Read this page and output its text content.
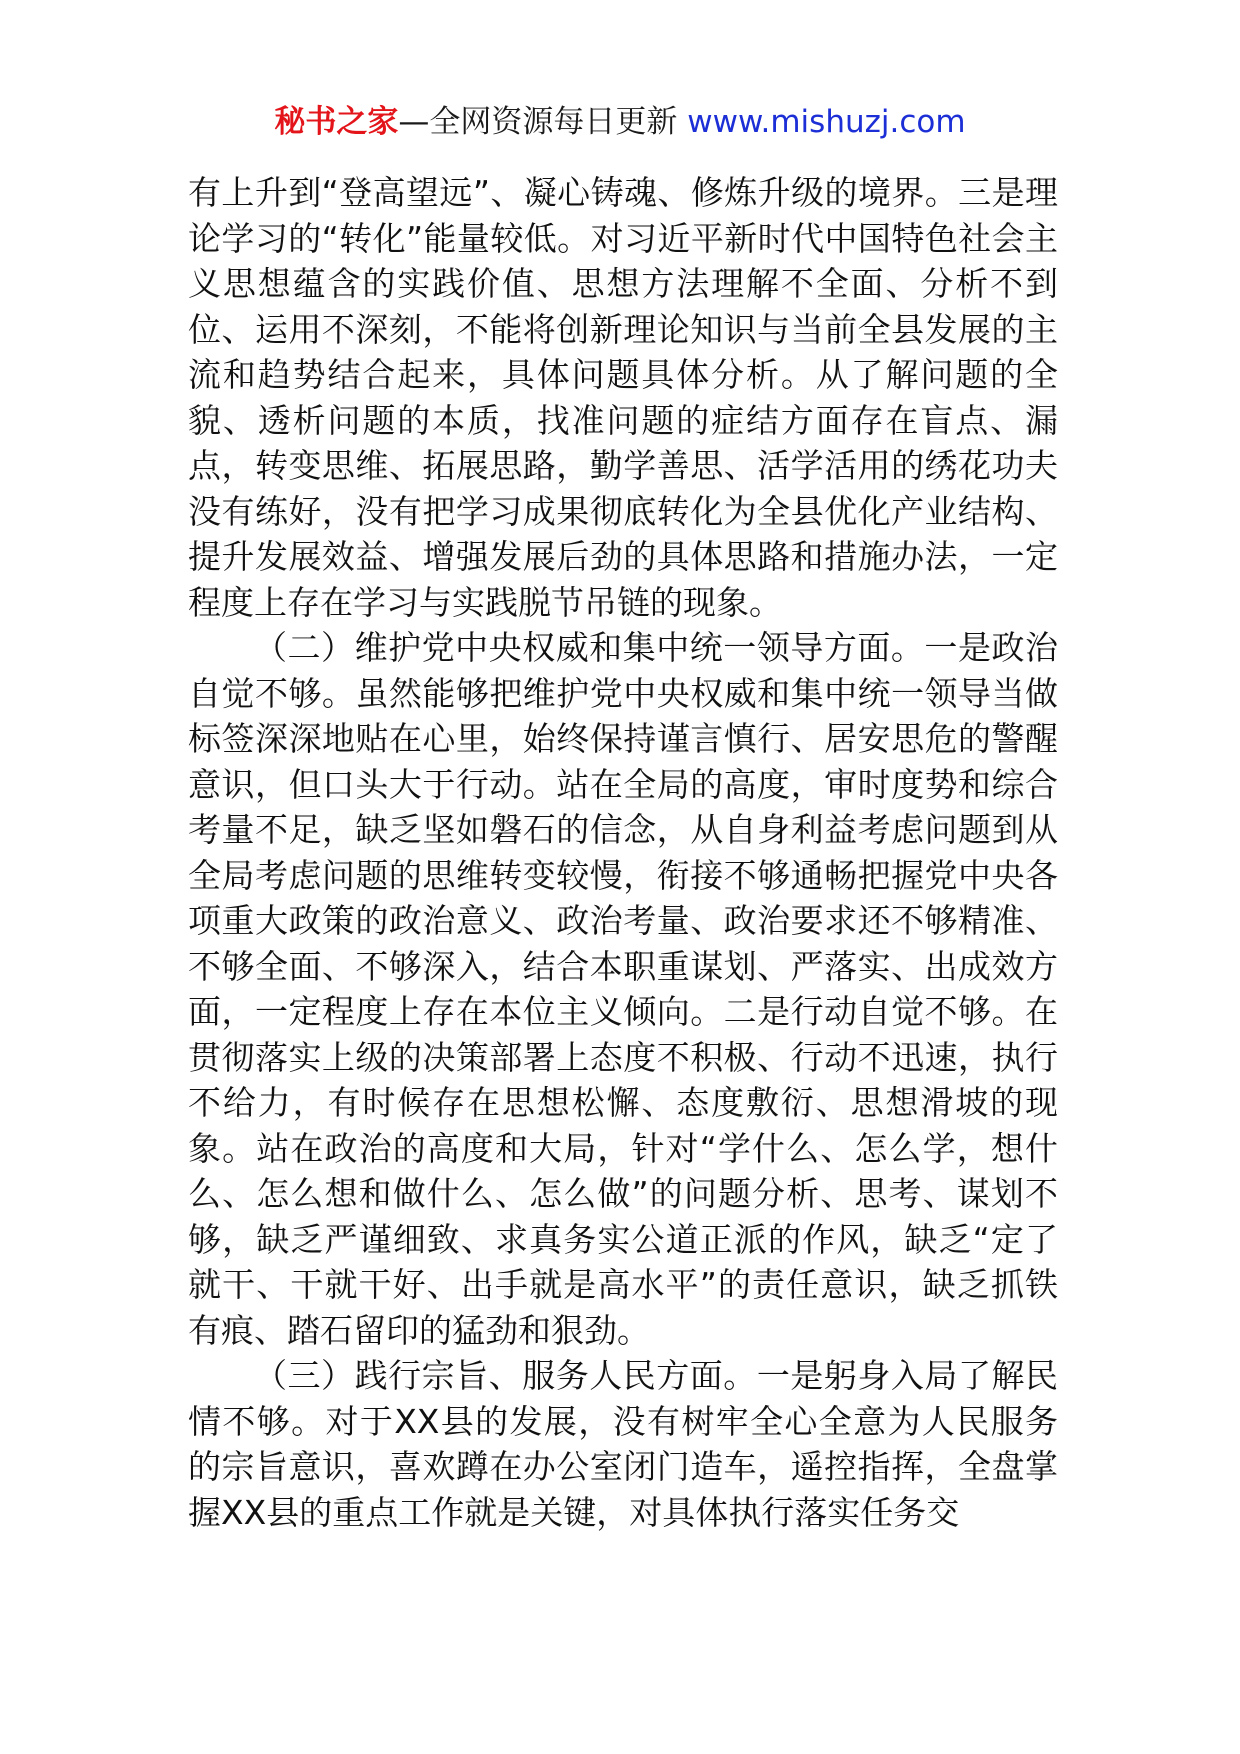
秘书之家—全网资源每日更新 www.mishuzj.com

有上升到“登高望远”、凝心铸魂、修炼升级的境界。三是理论学习的“转化”能量较低。对习近平新时代中国特色社会主义思想蕴含的实践价值、思想方法理解不全面、分析不到位、运用不深刻，不能将创新理论知识与当前全县发展的主流和趋势结合起来，具体问题具体分析。从了解问题的全貌、透析问题的本质，找准问题的症结方面存在盲点、漏点，转变思维、拓展思路，勤学善思、活学活用的绣花功夫没有练好，没有把学习成果彻底转化为全县优化产业结构、提升发展效益、增强发展后劲的具体思路和措施办法，一定程度上存在学习与实践脱节吊链的现象。

（二）维护党中央权威和集中统一领导方面。一是政治自觉不够。虽然能够把维护党中央权威和集中统一领导当做标签深深地贴在心里，始终保持谨言慎行、居安思危的警醒意识，但口头大于行动。站在全局的高度，审时度势和综合考量不足，缺乏坚如磐石的信念，从自身利益考虑问题到从全局考虑问题的思维转变较慢，衔接不够通畅把握党中央各项重大政策的政治意义、政治考量、政治要求还不够精准、不够全面、不够深入，结合本职重谋划、严落实、出成效方面，一定程度上存在本位主义倾向。二是行动自觉不够。在贯彻落实上级的决策部署上态度不积极、行动不迅速，执行不给力，有时候存在思想松懈、态度敷衍、思想滑坡的现象。站在政治的高度和大局，针对“学什么、怎么学，想什么、怎么想和做什么、怎么做”的问题分析、思考、谋划不够，缺乏严谨细致、求真务实公道正派的作风，缺乏“定了就干、干就干好、出手就是高水平”的责任意识，缺乏抓铁有痕、踏石留印的猛劲和狠劲。

（三）践行宗旨、服务人民方面。一是躬身入局了解民情不够。对于XX县的发展，没有树牢全心全意为人民服务的宗旨意识，喜欢蹲在办公室闭门造车，遥控指挥，全盘掌握XX县的重点工作就是关键，对具体执行落实任务交
